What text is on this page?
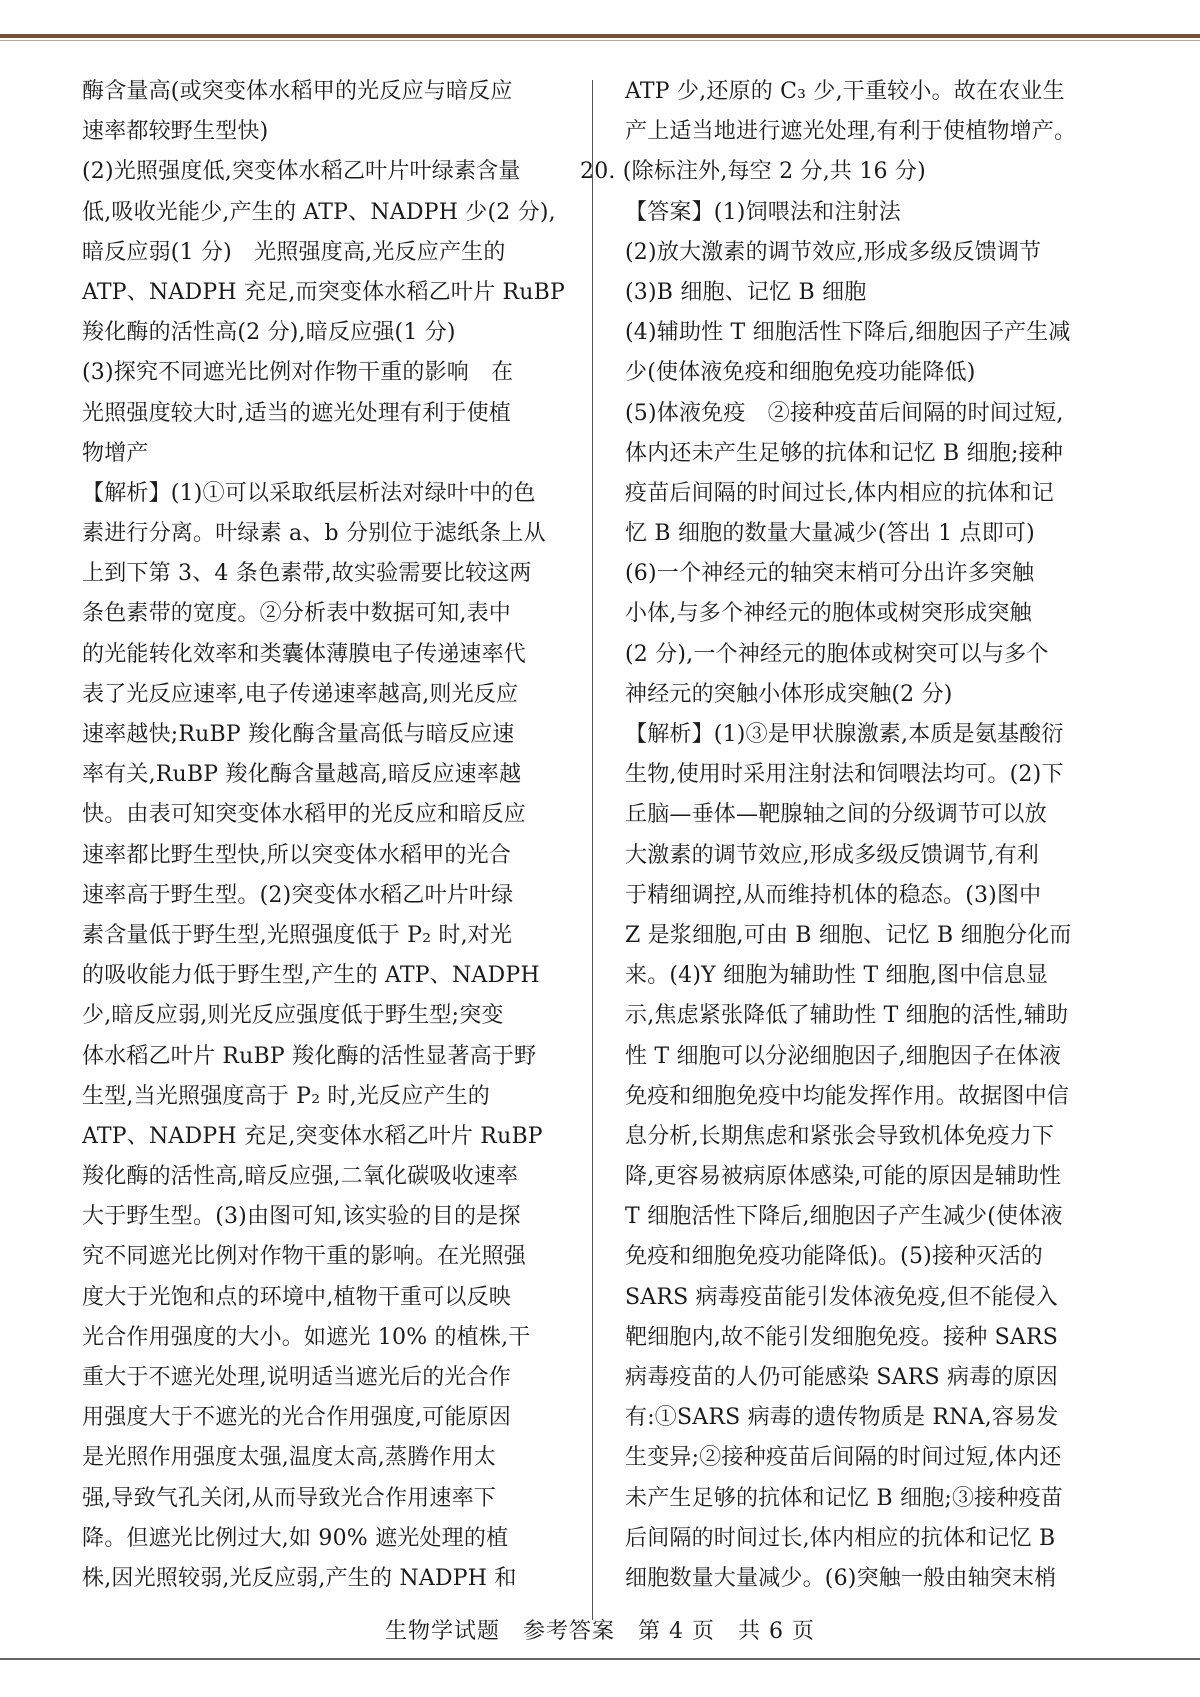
酶含量高(或突变体水稻甲的光反应与暗反应
速率都较野生型快)
(2)光照强度低,突变体水稻乙叶片叶绿素含量
低,吸收光能少,产生的 ATP、NADPH 少(2 分),
暗反应弱(1 分)　光照强度高,光反应产生的
ATP、NADPH 充足,而突变体水稻乙叶片 RuBP
羧化酶的活性高(2 分),暗反应强(1 分)
(3)探究不同遮光比例对作物干重的影响　在
光照强度较大时,适当的遮光处理有利于使植
物增产
【解析】(1)①可以采取纸层析法对绿叶中的色
素进行分离。叶绿素 a、b 分别位于滤纸条上从
上到下第 3、4 条色素带,故实验需要比较这两
条色素带的宽度。②分析表中数据可知,表中
的光能转化效率和类囊体薄膜电子传递速率代
表了光反应速率,电子传递速率越高,则光反应
速率越快;RuBP 羧化酶含量高低与暗反应速
率有关,RuBP 羧化酶含量越高,暗反应速率越
快。由表可知突变体水稻甲的光反应和暗反应
速率都比野生型快,所以突变体水稻甲的光合
速率高于野生型。(2)突变体水稻乙叶片叶绿
素含量低于野生型,光照强度低于 P₂ 时,对光
的吸收能力低于野生型,产生的 ATP、NADPH
少,暗反应弱,则光反应强度低于野生型;突变
体水稻乙叶片 RuBP 羧化酶的活性显著高于野
生型,当光照强度高于 P₂ 时,光反应产生的
ATP、NADPH 充足,突变体水稻乙叶片 RuBP
羧化酶的活性高,暗反应强,二氧化碳吸收速率
大于野生型。(3)由图可知,该实验的目的是探
究不同遮光比例对作物干重的影响。在光照强
度大于光饱和点的环境中,植物干重可以反映
光合作用强度的大小。如遮光 10% 的植株,干
重大于不遮光处理,说明适当遮光后的光合作
用强度大于不遮光的光合作用强度,可能原因
是光照作用强度太强,温度太高,蒸腾作用太
强,导致气孔关闭,从而导致光合作用速率下
降。但遮光比例过大,如 90% 遮光处理的植
株,因光照较弱,光反应弱,产生的 NADPH 和
ATP 少,还原的 C₃ 少,干重较小。故在农业生
产上适当地进行遮光处理,有利于使植物增产。
20. (除标注外,每空 2 分,共 16 分)
【答案】(1)饲喂法和注射法
(2)放大激素的调节效应,形成多级反馈调节
(3)B 细胞、记忆 B 细胞
(4)辅助性 T 细胞活性下降后,细胞因子产生减
少(使体液免疫和细胞免疫功能降低)
(5)体液免疫　②接种疫苗后间隔的时间过短,
体内还未产生足够的抗体和记忆 B 细胞;接种
疫苗后间隔的时间过长,体内相应的抗体和记
忆 B 细胞的数量大量减少(答出 1 点即可)
(6)一个神经元的轴突末梢可分出许多突触
小体,与多个神经元的胞体或树突形成突触
(2 分),一个神经元的胞体或树突可以与多个
神经元的突触小体形成突触(2 分)
【解析】(1)③是甲状腺激素,本质是氨基酸衍
生物,使用时采用注射法和饲喂法均可。(2)下
丘脑—垂体—靶腺轴之间的分级调节可以放
大激素的调节效应,形成多级反馈调节,有利
于精细调控,从而维持机体的稳态。(3)图中
Z 是浆细胞,可由 B 细胞、记忆 B 细胞分化而
来。(4)Y 细胞为辅助性 T 细胞,图中信息显
示,焦虑紧张降低了辅助性 T 细胞的活性,辅助
性 T 细胞可以分泌细胞因子,细胞因子在体液
免疫和细胞免疫中均能发挥作用。故据图中信
息分析,长期焦虑和紧张会导致机体免疫力下
降,更容易被病原体感染,可能的原因是辅助性
T 细胞活性下降后,细胞因子产生减少(使体液
免疫和细胞免疫功能降低)。(5)接种灭活的
SARS 病毒疫苗能引发体液免疫,但不能侵入
靶细胞内,故不能引发细胞免疫。接种 SARS
病毒疫苗的人仍可能感染 SARS 病毒的原因
有:①SARS 病毒的遗传物质是 RNA,容易发
生变异;②接种疫苗后间隔的时间过短,体内还
未产生足够的抗体和记忆 B 细胞;③接种疫苗
后间隔的时间过长,体内相应的抗体和记忆 B
细胞数量大量减少。(6)突触一般由轴突末梢
生物学试题　参考答案　第 4 页　共 6 页
